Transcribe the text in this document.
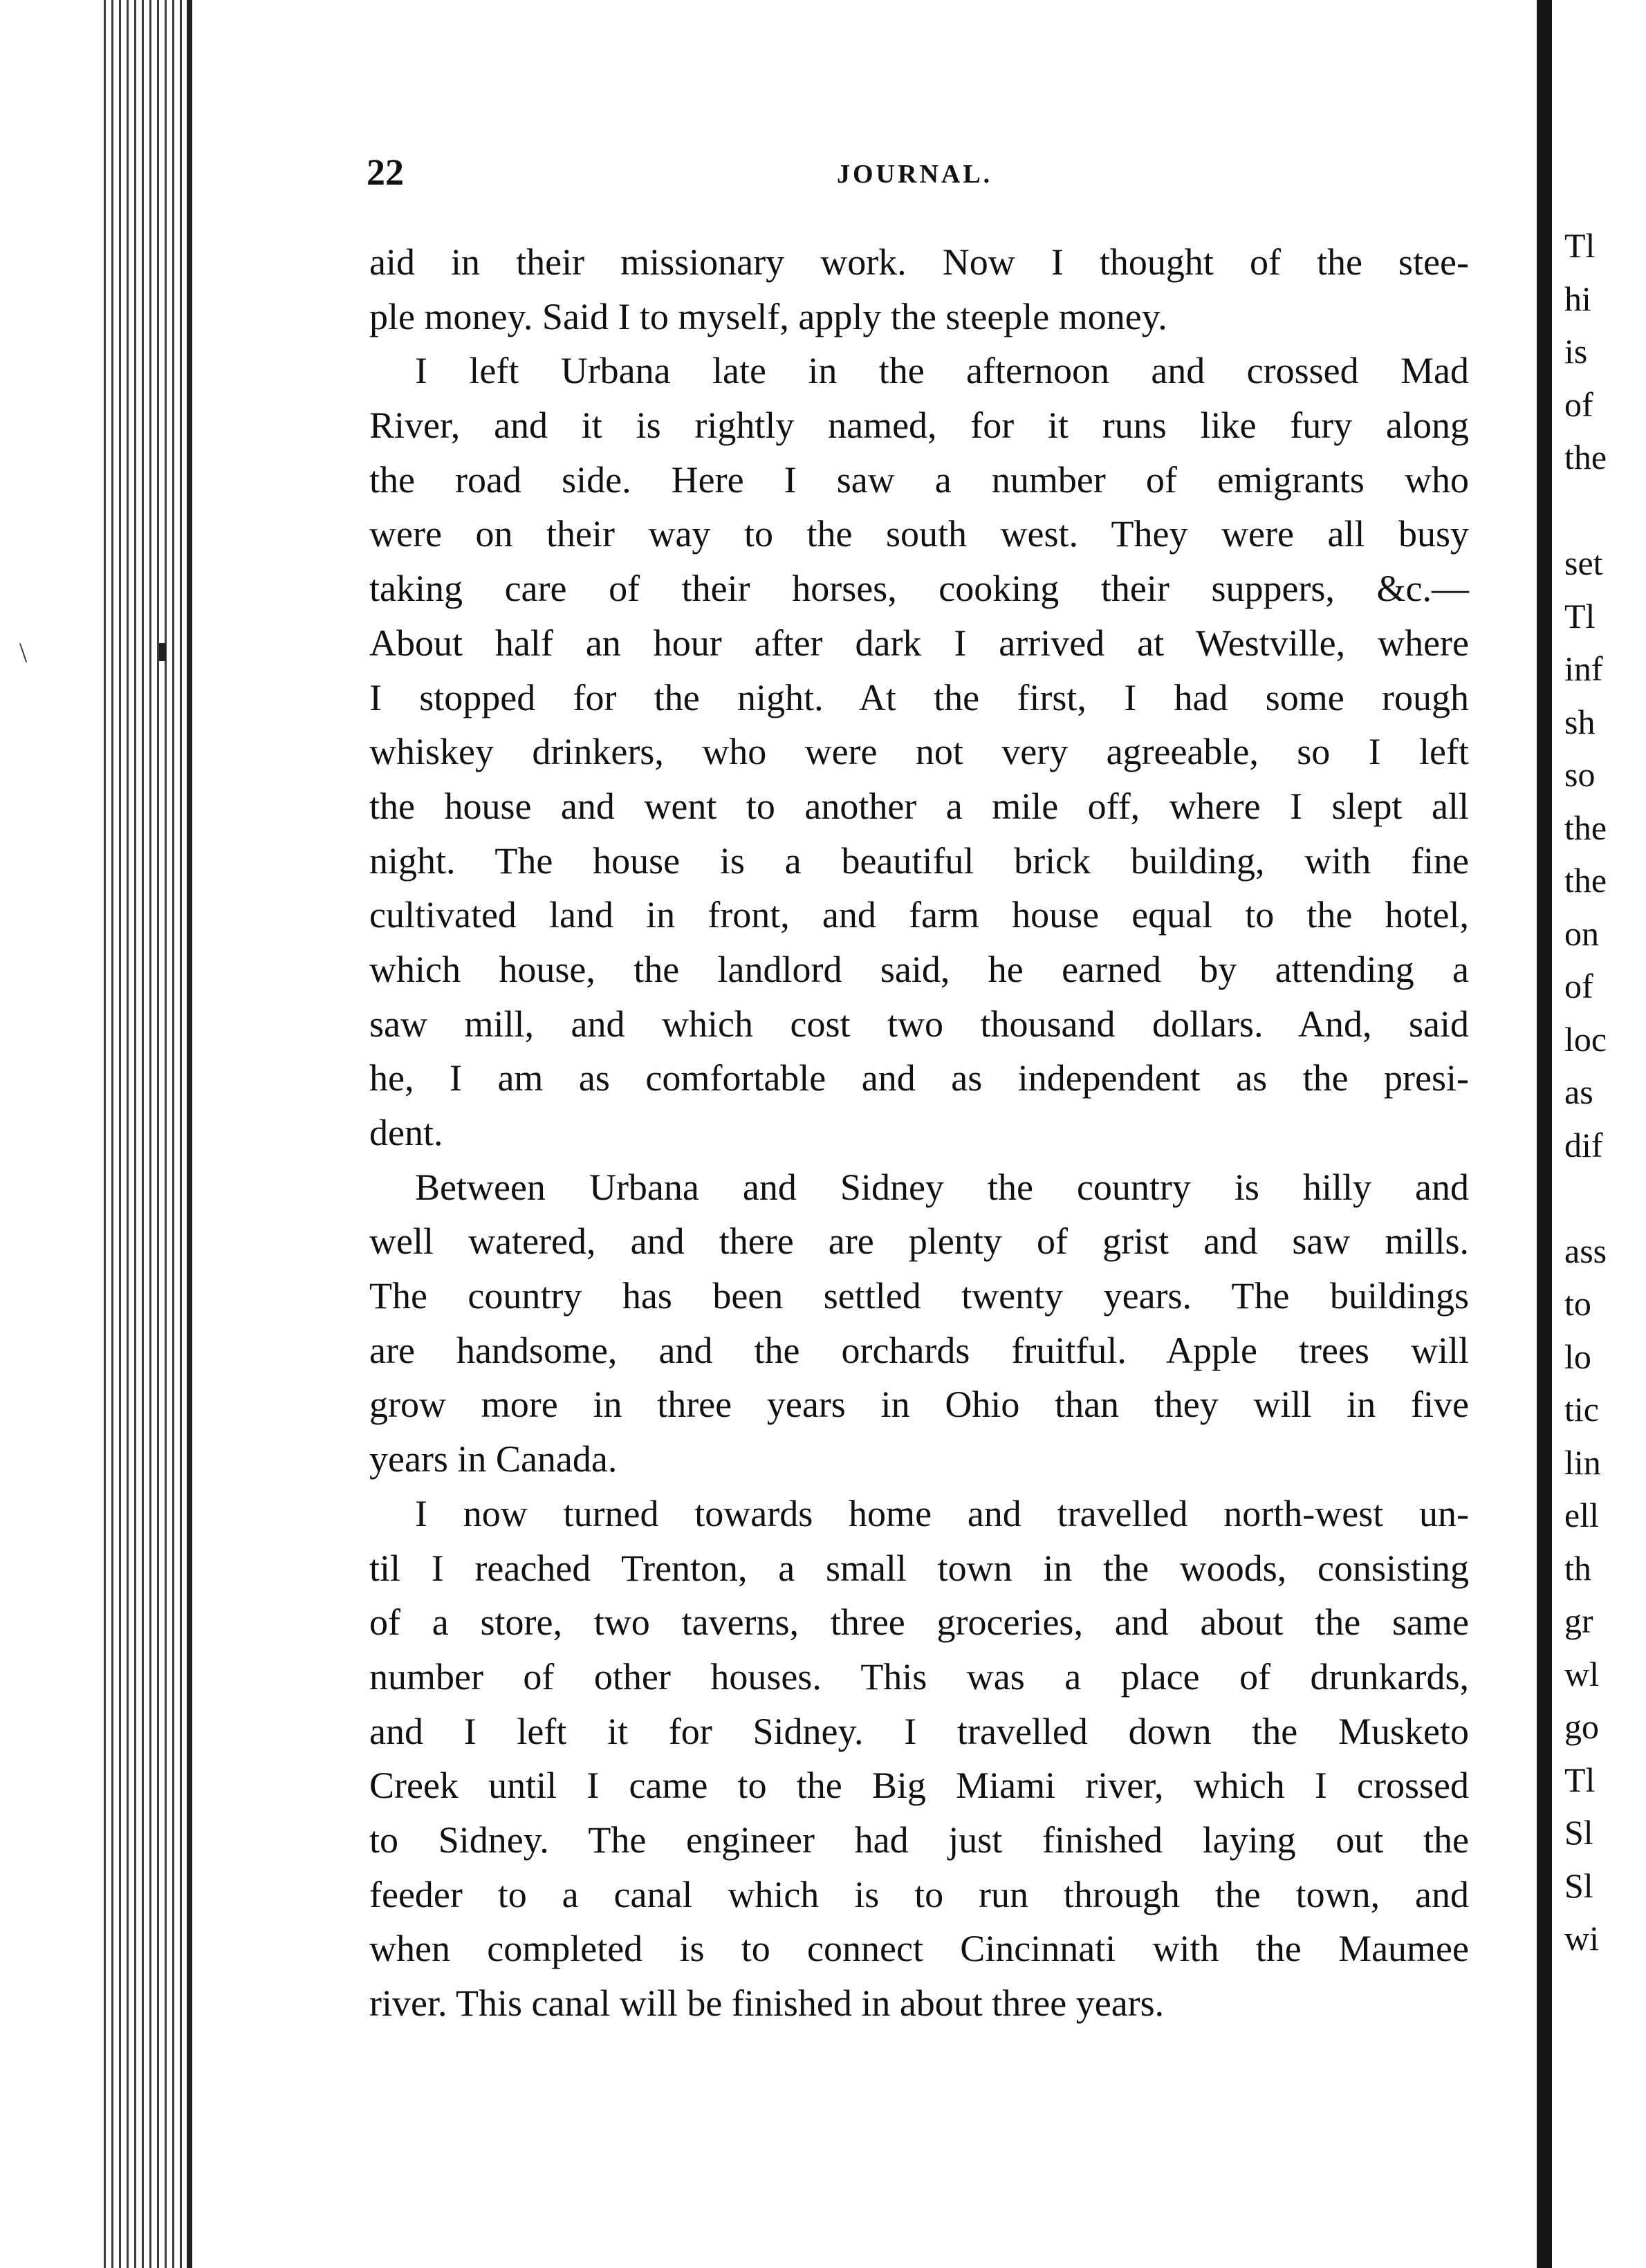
\
22	JOURNAL.
aid in their missionary work. Now I thought of the stee-
ple money. Said I to myself, apply the steeple money.
I left Urbana late in the afternoon and crossed Mad
River, and it is rightly named, for it runs like fury along
the road side. Here I saw a number of emigrants who
were on their way to the south west. They were all busy
taking care of their horses, cooking their suppers, &c.—
About half an hour after dark I arrived at Westville, where
I stopped for the night. At the first, I had some rough
whiskey drinkers, who were not very agreeable, so I left
the house and went to another a mile off, where I slept all
night. The house is a beautiful brick building, with fine
cultivated land in front, and farm house equal to the hotel,
which house, the landlord said, he earned by attending a
saw mill, and which cost two thousand dollars. And, said
he, I am as comfortable and as independent as the presi-
dent.
Between Urbana and Sidney the country is hilly and
well watered, and there are plenty of grist and saw mills.
The country has been settled twenty years. The buildings
are handsome, and the orchards fruitful. Apple trees will
grow more in three years in Ohio than they will in five
years in Canada.
I now turned towards home and travelled north-west un-
til I reached Trenton, a small town in the woods, consisting
of a store, two taverns, three groceries, and about the same
number of other houses. This was a place of drunkards,
and I left it for Sidney. I travelled down the Musketo
Creek until I came to the Big Miami river, which I crossed
to Sidney. The engineer had just finished laying out the
feeder to a canal which is to run through the town, and
when completed is to connect Cincinnati with the Maumee
river. This canal will be finished in about three years.
Tl
hi
is
of
the
set
Tl
inf
sh
so
the
the
on
of
loc
as
dif
ass
to
lo
tic
lin
ell
th
gr
wl
go
Tl
Sl
Sl
wi
